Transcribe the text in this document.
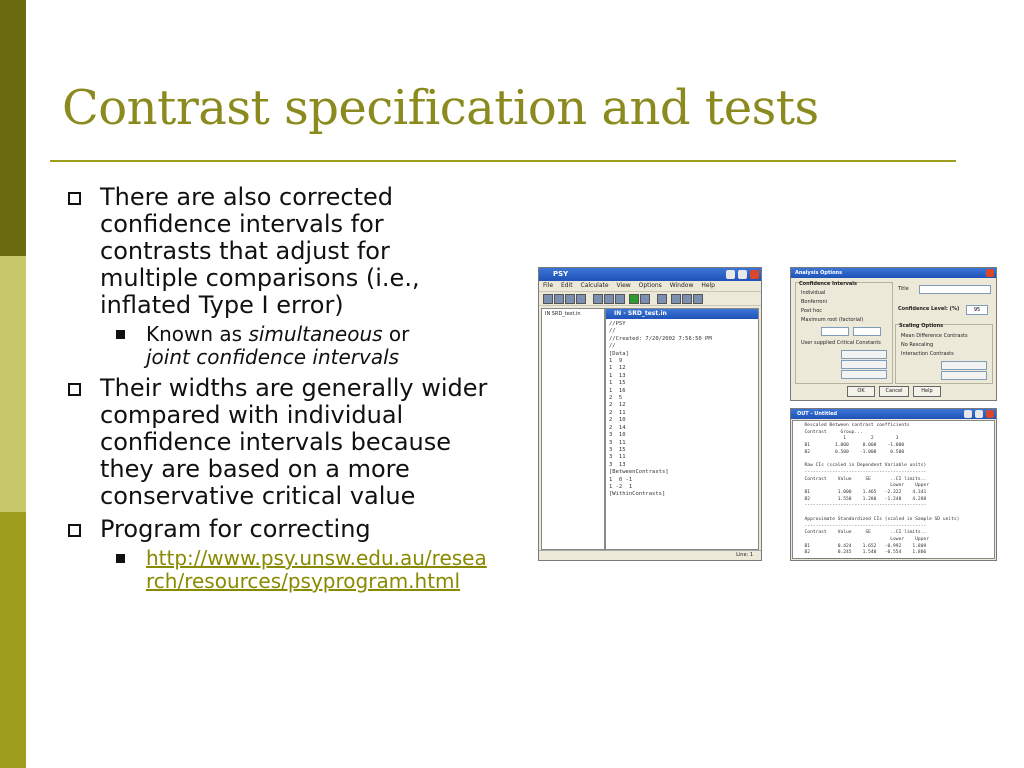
Contrast specification and tests
There are also corrected confidence intervals for contrasts that adjust for multiple comparisons (i.e., inflated Type I error)
Known as simultaneous or
joint confidence intervals
Their widths are generally wider compared with individual confidence intervals because they are based on a more conservative critical value
Program for correcting
http://www.psy.unsw.edu.au/research/resources/psyprogram.html
PSY
File Edit Calculate View Options Window Help
IN SRD_test.in	IN - SRD_test.in
//PSY
//
//Created: 7/20/2002 7:56:50 PM
//
[Data]
1  9
1  12
1  13
1  15
1  16
2  5
2  12
2  11
2  10
2  14
3  10
3  11
3  15
3  11
3  13
[BetweenContrasts]
1  0 -1
1 -2  1
[WithinContrasts]
Line: 1
Analysis Options
Confidence Intervals
Individual
Bonferroni
Post hoc
Maximum root (factorial)
User supplied Critical Constants
Title
Confidence Level: (%)	95
Scaling Options
Mean Difference Contrasts
No Rescaling
Interaction Contrasts
OK	Cancel	Help
OUT - Untitled
Rescaled Between contrast coefficients
Contrast     Group...
1         2        3
B1         1.000     0.000    -1.000
B2         0.500    -1.000     0.500

Raw CIs (scaled in Dependent Variable units)
--------------------------------------------
Contrast    Value     SE       ..CI limits..
Lower    Upper
B1          1.000    1.465   -2.322    4.341
B2          1.550    1.280   -1.248    4.288
--------------------------------------------

Approximate Standardized CIs (scaled in Sample SD units)
--------------------------------------------
Contrast    Value     SE       ..CI limits..
Lower    Upper
B1          0.424    1.652   -0.992    1.809
B2          0.245    1.540   -0.554    1.806
--------------------------------------------
